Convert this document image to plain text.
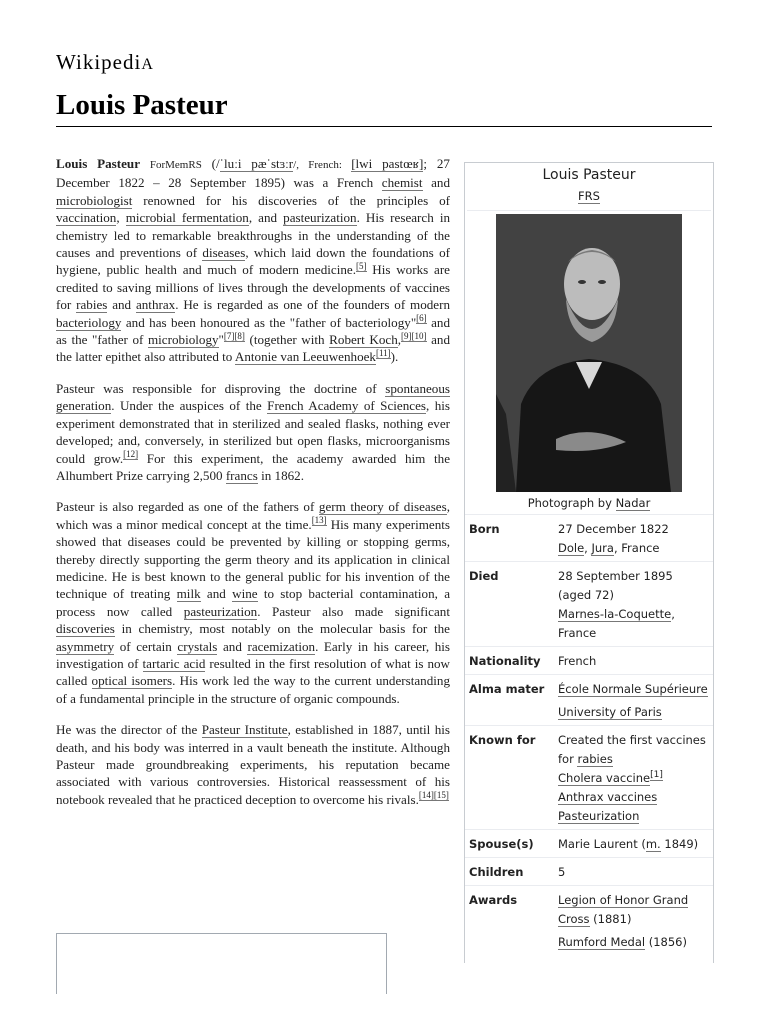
WikipediA
Louis Pasteur

Louis Pasteur ForMemRS (/ˈluːi pæˈstɜːr/, French: [lwi pastœʁ]; 27 December 1822 – 28 September 1895) was a French chemist and microbiologist renowned for his discoveries of the principles of vaccination, microbial fermentation, and pasteurization. His research in chemistry led to remarkable breakthroughs in the understanding of the causes and preventions of diseases, which laid down the foundations of hygiene, public health and much of modern medicine.[5] His works are credited to saving millions of lives through the developments of vaccines for rabies and anthrax. He is regarded as one of the founders of modern bacteriology and has been honoured as the "father of bacteriology"[6] and as the "father of microbiology"[7][8] (together with Robert Koch,[9][10] and the latter epithet also attributed to Antonie van Leeuwenhoek[11]).

Pasteur was responsible for disproving the doctrine of spontaneous generation. Under the auspices of the French Academy of Sciences, his experiment demonstrated that in sterilized and sealed flasks, nothing ever developed; and, conversely, in sterilized but open flasks, microorganisms could grow.[12] For this experiment, the academy awarded him the Alhumbert Prize carrying 2,500 francs in 1862.

Pasteur is also regarded as one of the fathers of germ theory of diseases, which was a minor medical concept at the time.[13] His many experiments showed that diseases could be prevented by killing or stopping germs, thereby directly supporting the germ theory and its application in clinical medicine. He is best known to the general public for his invention of the technique of treating milk and wine to stop bacterial contamination, a process now called pasteurization. Pasteur also made significant discoveries in chemistry, most notably on the molecular basis for the asymmetry of certain crystals and racemization. Early in his career, his investigation of tartaric acid resulted in the first resolution of what is now called optical isomers. His work led the way to the current understanding of a fundamental principle in the structure of organic compounds.

He was the director of the Pasteur Institute, established in 1887, until his death, and his body was interred in a vault beneath the institute. Although Pasteur made groundbreaking experiments, his reputation became associated with various controversies. Historical reassessment of his notebook revealed that he practiced deception to overcome his rivals.[14][15]

Louis Pasteur
FRS
Photograph by Nadar
Born	27 December 1822
Dole, Jura, France
Died	28 September 1895
(aged 72)
Marnes-la-Coquette,
France
Nationality	French
Alma mater	École Normale Supérieure
University of Paris
Known for	Created the first vaccines for rabies
Cholera vaccine[1]
Anthrax vaccines
Pasteurization
Spouse(s)	Marie Laurent (m. 1849)
Children	5
Awards	Legion of Honor Grand Cross (1881)
Rumford Medal (1856)
